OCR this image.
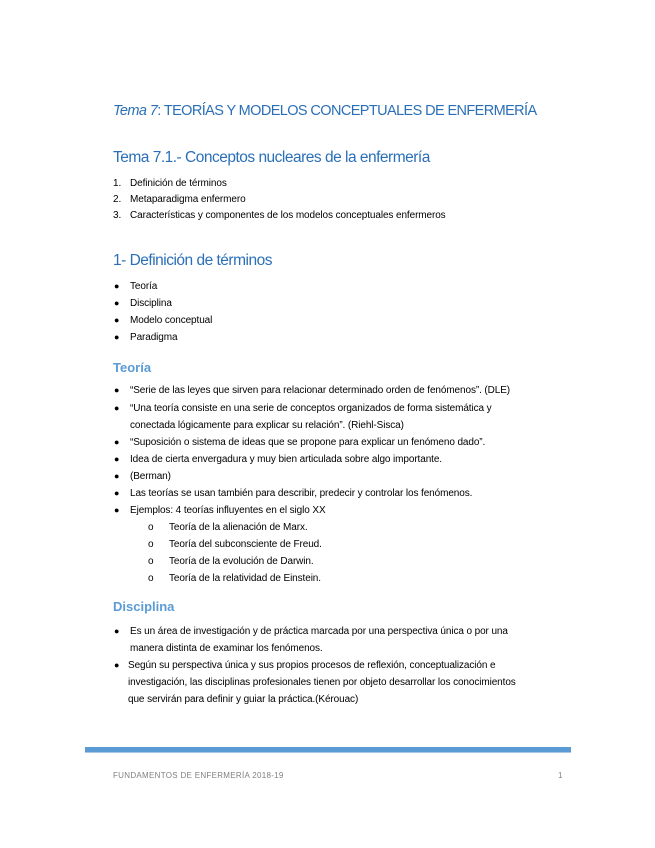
Tema 7: TEORÍAS Y MODELOS CONCEPTUALES DE ENFERMERÍA
Tema 7.1.- Conceptos nucleares de la enfermería
1. Definición de términos
2. Metaparadigma enfermero
3. Características y componentes de los modelos conceptuales enfermeros
1- Definición de términos
● Teoría
● Disciplina
● Modelo conceptual
● Paradigma
Teoría
● “Serie de las leyes que sirven para relacionar determinado orden de fenómenos”. (DLE)
● “Una teoría consiste en una serie de conceptos organizados de forma sistemática y
conectada lógicamente para explicar su relación”. (Riehl-Sisca)
● “Suposición o sistema de ideas que se propone para explicar un fenómeno dado”.
● Idea de cierta envergadura y muy bien articulada sobre algo importante.
● (Berman)
● Las teorías se usan también para describir, predecir y controlar los fenómenos.
● Ejemplos: 4 teorías influyentes en el siglo XX
o Teoría de la alienación de Marx.
o Teoría del subconsciente de Freud.
o Teoría de la evolución de Darwin.
o Teoría de la relatividad de Einstein.
Disciplina
● Es un área de investigación y de práctica marcada por una perspectiva única o por una
manera distinta de examinar los fenómenos.
● Según su perspectiva única y sus propios procesos de reflexión, conceptualización e
investigación, las disciplinas profesionales tienen por objeto desarrollar los conocimientos
que servirán para definir y guiar la práctica.(Kérouac)
FUNDAMENTOS DE ENFERMERÍA 2018-19	1
